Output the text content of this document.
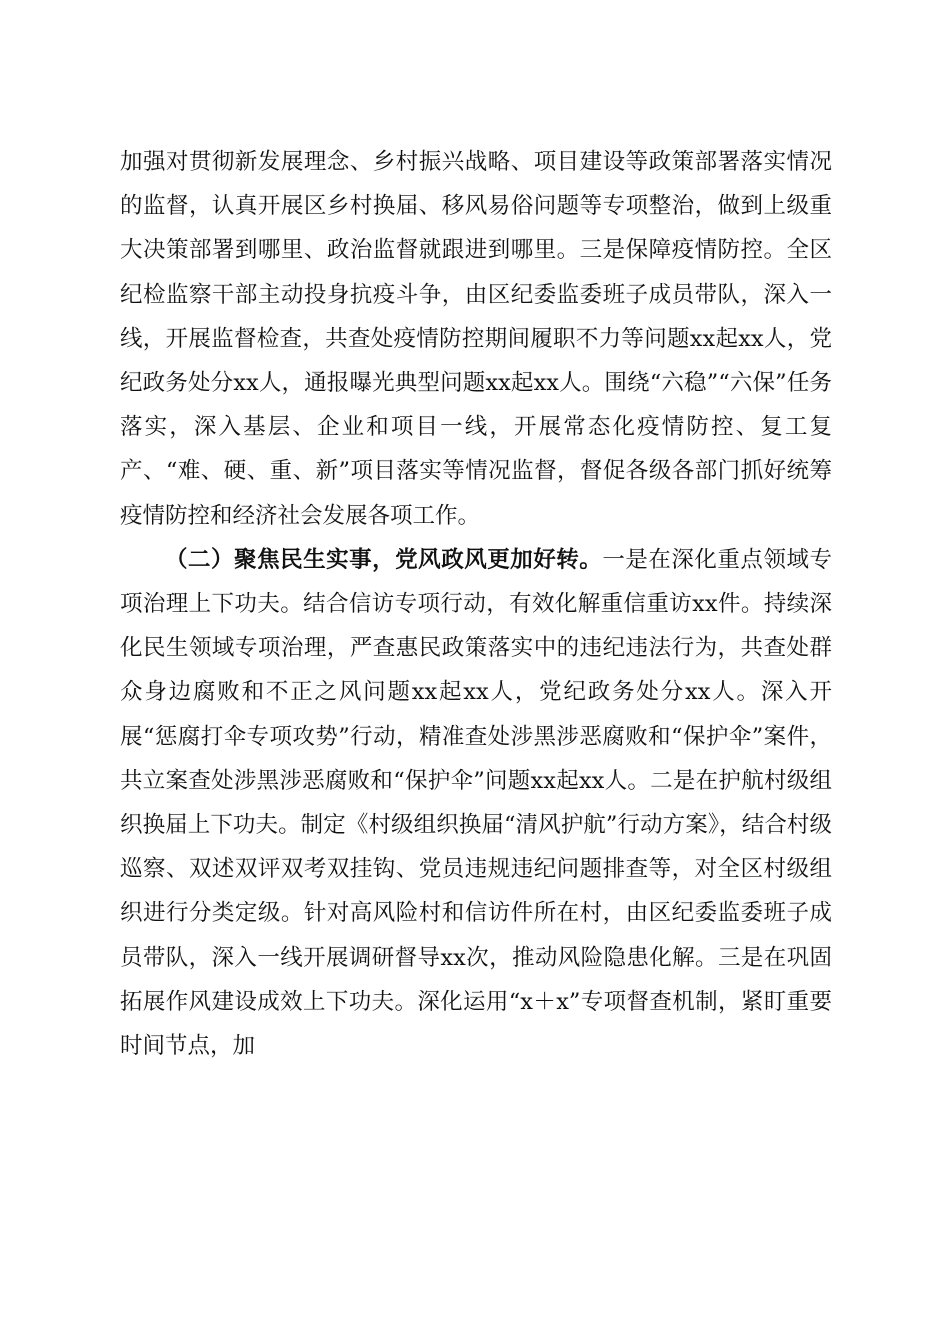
加强对贯彻新发展理念、乡村振兴战略、项目建设等政策部署落实情况的监督，认真开展区乡村换届、移风易俗问题等专项整治，做到上级重大决策部署到哪里、政治监督就跟进到哪里。三是保障疫情防控。全区纪检监察干部主动投身抗疫斗争，由区纪委监委班子成员带队，深入一线，开展监督检查，共查处疫情防控期间履职不力等问题xx起xx人，党纪政务处分xx人，通报曝光典型问题xx起xx人。围绕“六稳”“六保”任务落实，深入基层、企业和项目一线，开展常态化疫情防控、复工复产、“难、硬、重、新”项目落实等情况监督，督促各级各部门抓好统筹疫情防控和经济社会发展各项工作。

（二）聚焦民生实事，党风政风更加好转。一是在深化重点领域专项治理上下功夫。结合信访专项行动，有效化解重信重访xx件。持续深化民生领域专项治理，严查惠民政策落实中的违纪违法行为，共查处群众身边腐败和不正之风问题xx起xx人，党纪政务处分xx人。深入开展“惩腐打伞专项攻势”行动，精准查处涉黑涉恶腐败和“保护伞”案件，共立案查处涉黑涉恶腐败和“保护伞”问题xx起xx人。二是在护航村级组织换届上下功夫。制定《村级组织换届“清风护航”行动方案》，结合村级巡察、双述双评双考双挂钩、党员违规违纪问题排查等，对全区村级组织进行分类定级。针对高风险村和信访件所在村，由区纪委监委班子成员带队，深入一线开展调研督导xx次，推动风险隐患化解。三是在巩固拓展作风建设成效上下功夫。深化运用“x＋x”专项督查机制，紧盯重要时间节点，加
